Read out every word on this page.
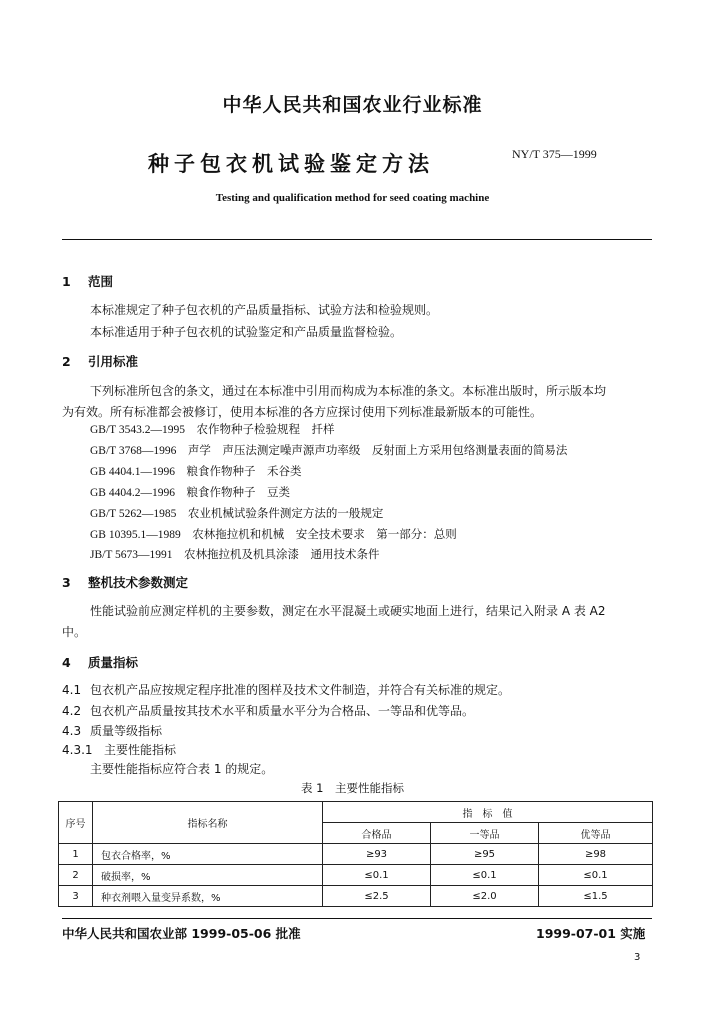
中华人民共和国农业行业标准
种子包衣机试验鉴定方法	NY/T 375—1999
Testing and qualification method for seed coating machine
1 范围
本标准规定了种子包衣机的产品质量指标、试验方法和检验规则。
本标准适用于种子包衣机的试验鉴定和产品质量监督检验。
2 引用标准
下列标准所包含的条文，通过在本标准中引用而构成为本标准的条文。本标准出版时，所示版本均
为有效。所有标准都会被修订，使用本标准的各方应探讨使用下列标准最新版本的可能性。
GB/T 3543.2—1995　农作物种子检验规程　扦样
GB/T 3768—1996　声学　声压法测定噪声源声功率级　反射面上方采用包络测量表面的简易法
GB 4404.1—1996　粮食作物种子　禾谷类
GB 4404.2—1996　粮食作物种子　豆类
GB/T 5262—1985　农业机械试验条件测定方法的一般规定
GB 10395.1—1989　农林拖拉机和机械　安全技术要求　第一部分：总则
JB/T 5673—1991　农林拖拉机及机具涂漆　通用技术条件
3 整机技术参数测定
性能试验前应测定样机的主要参数，测定在水平混凝土或硬实地面上进行，结果记入附录 A 表 A2
中。
4 质量指标
4.1 包衣机产品应按规定程序批准的图样及技术文件制造，并符合有关标准的规定。
4.2 包衣机产品质量按其技术水平和质量水平分为合格品、一等品和优等品。
4.3 质量等级指标
4.3.1 主要性能指标
主要性能指标应符合表 1 的规定。
表 1　主要性能指标
序号	指标名称	指　标　值		
		合格品	一等品	优等品
1	包衣合格率，%	≥93	≥95	≥98
2	破损率，%	≤0.1	≤0.1	≤0.1
3	种衣剂喂入量变异系数，%	≤2.5	≤2.0	≤1.5
中华人民共和国农业部 1999-05-06 批准	1999-07-01 实施
3
